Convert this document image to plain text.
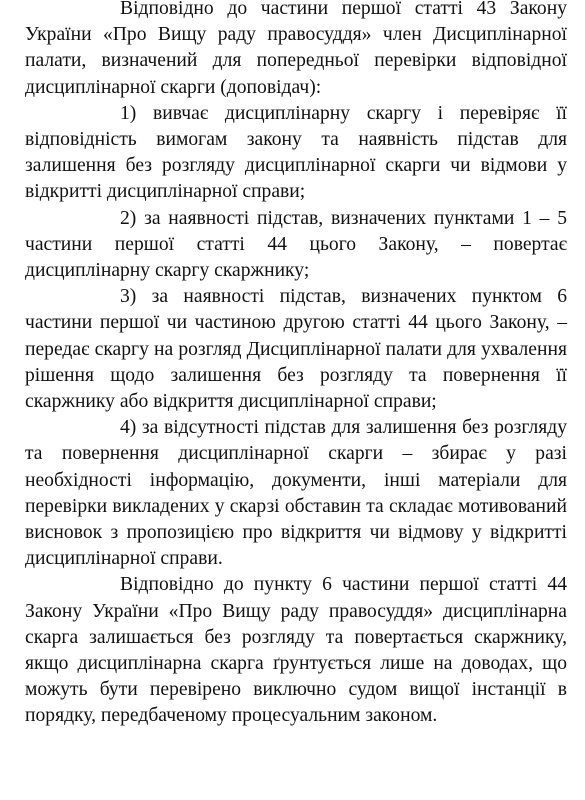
Відповідно до частини першої статті 43 Закону України «Про Вищу раду правосуддя» член Дисциплінарної палати, визначений для попередньої перевірки відповідної дисциплінарної скарги (доповідач):

1) вивчає дисциплінарну скаргу і перевіряє її відповідність вимогам закону та наявність підстав для залишення без розгляду дисциплінарної скарги чи відмови у відкритті дисциплінарної справи;

2) за наявності підстав, визначених пунктами 1 – 5 частини першої статті 44 цього Закону, – повертає дисциплінарну скаргу скаржнику;

3) за наявності підстав, визначених пунктом 6 частини першої чи частиною другою статті 44 цього Закону, – передає скаргу на розгляд Дисциплінарної палати для ухвалення рішення щодо залишення без розгляду та повернення її скаржнику або відкриття дисциплінарної справи;

4) за відсутності підстав для залишення без розгляду та повернення дисциплінарної скарги – збирає у разі необхідності інформацію, документи, інші матеріали для перевірки викладених у скарзі обставин та складає мотивований висновок з пропозицією про відкриття чи відмову у відкритті дисциплінарної справи.

Відповідно до пункту 6 частини першої статті 44 Закону України «Про Вищу раду правосуддя» дисциплінарна скарга залишається без розгляду та повертається скаржнику, якщо дисциплінарна скарга ґрунтується лише на доводах, що можуть бути перевірено виключно судом вищої інстанції в порядку, передбаченому процесуальним законом.
